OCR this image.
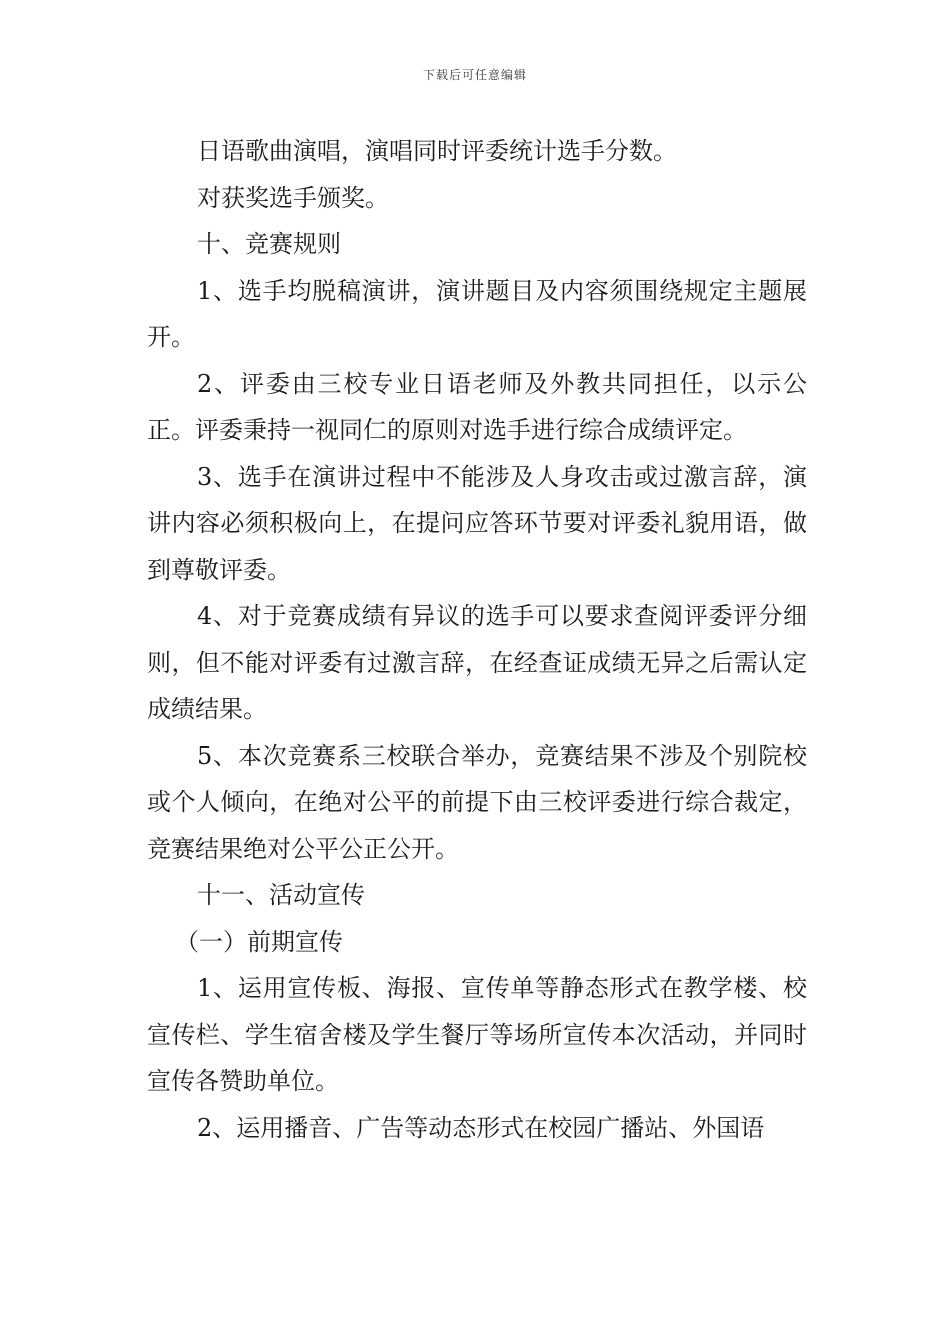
下载后可任意编辑

日语歌曲演唱，演唱同时评委统计选手分数。

对获奖选手颁奖。

十、竞赛规则

1、选手均脱稿演讲，演讲题目及内容须围绕规定主题展开。

2、评委由三校专业日语老师及外教共同担任，以示公正。评委秉持一视同仁的原则对选手进行综合成绩评定。

3、选手在演讲过程中不能涉及人身攻击或过激言辞，演讲内容必须积极向上，在提问应答环节要对评委礼貌用语，做到尊敬评委。

4、对于竞赛成绩有异议的选手可以要求查阅评委评分细则，但不能对评委有过激言辞，在经查证成绩无异之后需认定成绩结果。

5、本次竞赛系三校联合举办，竞赛结果不涉及个别院校或个人倾向，在绝对公平的前提下由三校评委进行综合裁定，竞赛结果绝对公平公正公开。

十一、活动宣传

（一）前期宣传

1、运用宣传板、海报、宣传单等静态形式在教学楼、校宣传栏、学生宿舍楼及学生餐厅等场所宣传本次活动，并同时宣传各赞助单位。

2、运用播音、广告等动态形式在校园广播站、外国语
